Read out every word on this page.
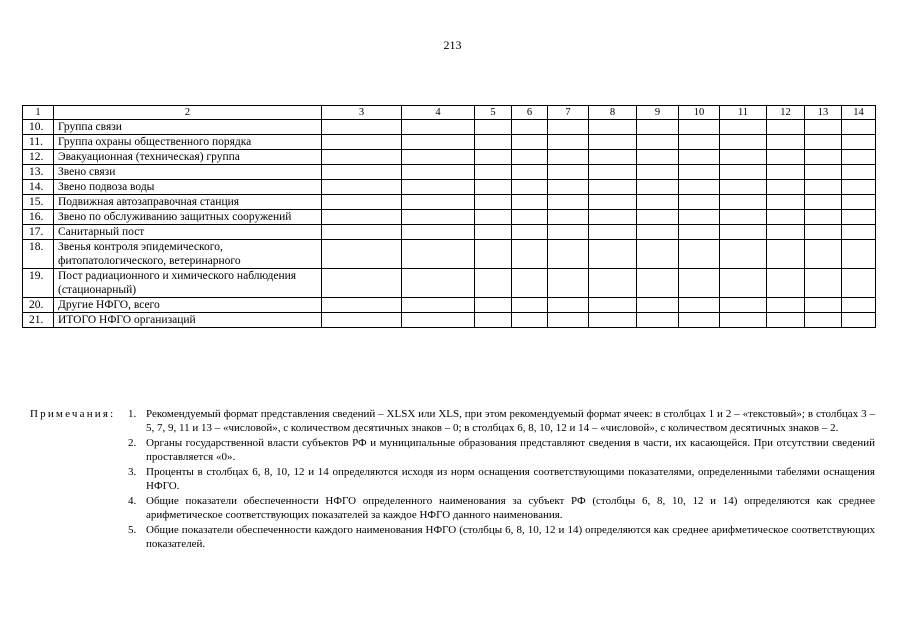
213
1	2	3	4	5	6	7	8	9	10	11	12	13	14
10.	Группа связи												
11.	Группа охраны общественного порядка												
12.	Эвакуационная (техническая) группа												
13.	Звено связи												
14.	Звено подвоза воды												
15.	Подвижная автозаправочная станция												
16.	Звено по обслуживанию защитных сооружений												
17.	Санитарный пост												
18.	Звенья контроля эпидемического, фитопатологического, ветеринарного												
19.	Пост радиационного и химического наблюдения (стационарный)												
20.	Другие НФГО, всего												
21.	ИТОГО НФГО организаций												
Примечания: 1. Рекомендуемый формат представления сведений – XLSX или XLS, при этом рекомендуемый формат ячеек: в столбцах 1 и 2 – «текстовый»; в столбцах 3 – 5, 7, 9, 11 и 13 – «числовой», с количеством десятичных знаков – 0; в столбцах 6, 8, 10, 12 и 14 – «числовой», с количеством десятичных знаков – 2.
2. Органы государственной власти субъектов РФ и муниципальные образования представляют сведения в части, их касающейся. При отсутствии сведений проставляется «0».
3. Проценты в столбцах 6, 8, 10, 12 и 14 определяются исходя из норм оснащения соответствующими показателями, определенными табелями оснащения НФГО.
4. Общие показатели обеспеченности НФГО определенного наименования за субъект РФ (столбцы 6, 8, 10, 12 и 14) определяются как среднее арифметическое соответствующих показателей за каждое НФГО данного наименования.
5. Общие показатели обеспеченности каждого наименования НФГО (столбцы 6, 8, 10, 12 и 14) определяются как среднее арифметическое соответствующих показателей.
